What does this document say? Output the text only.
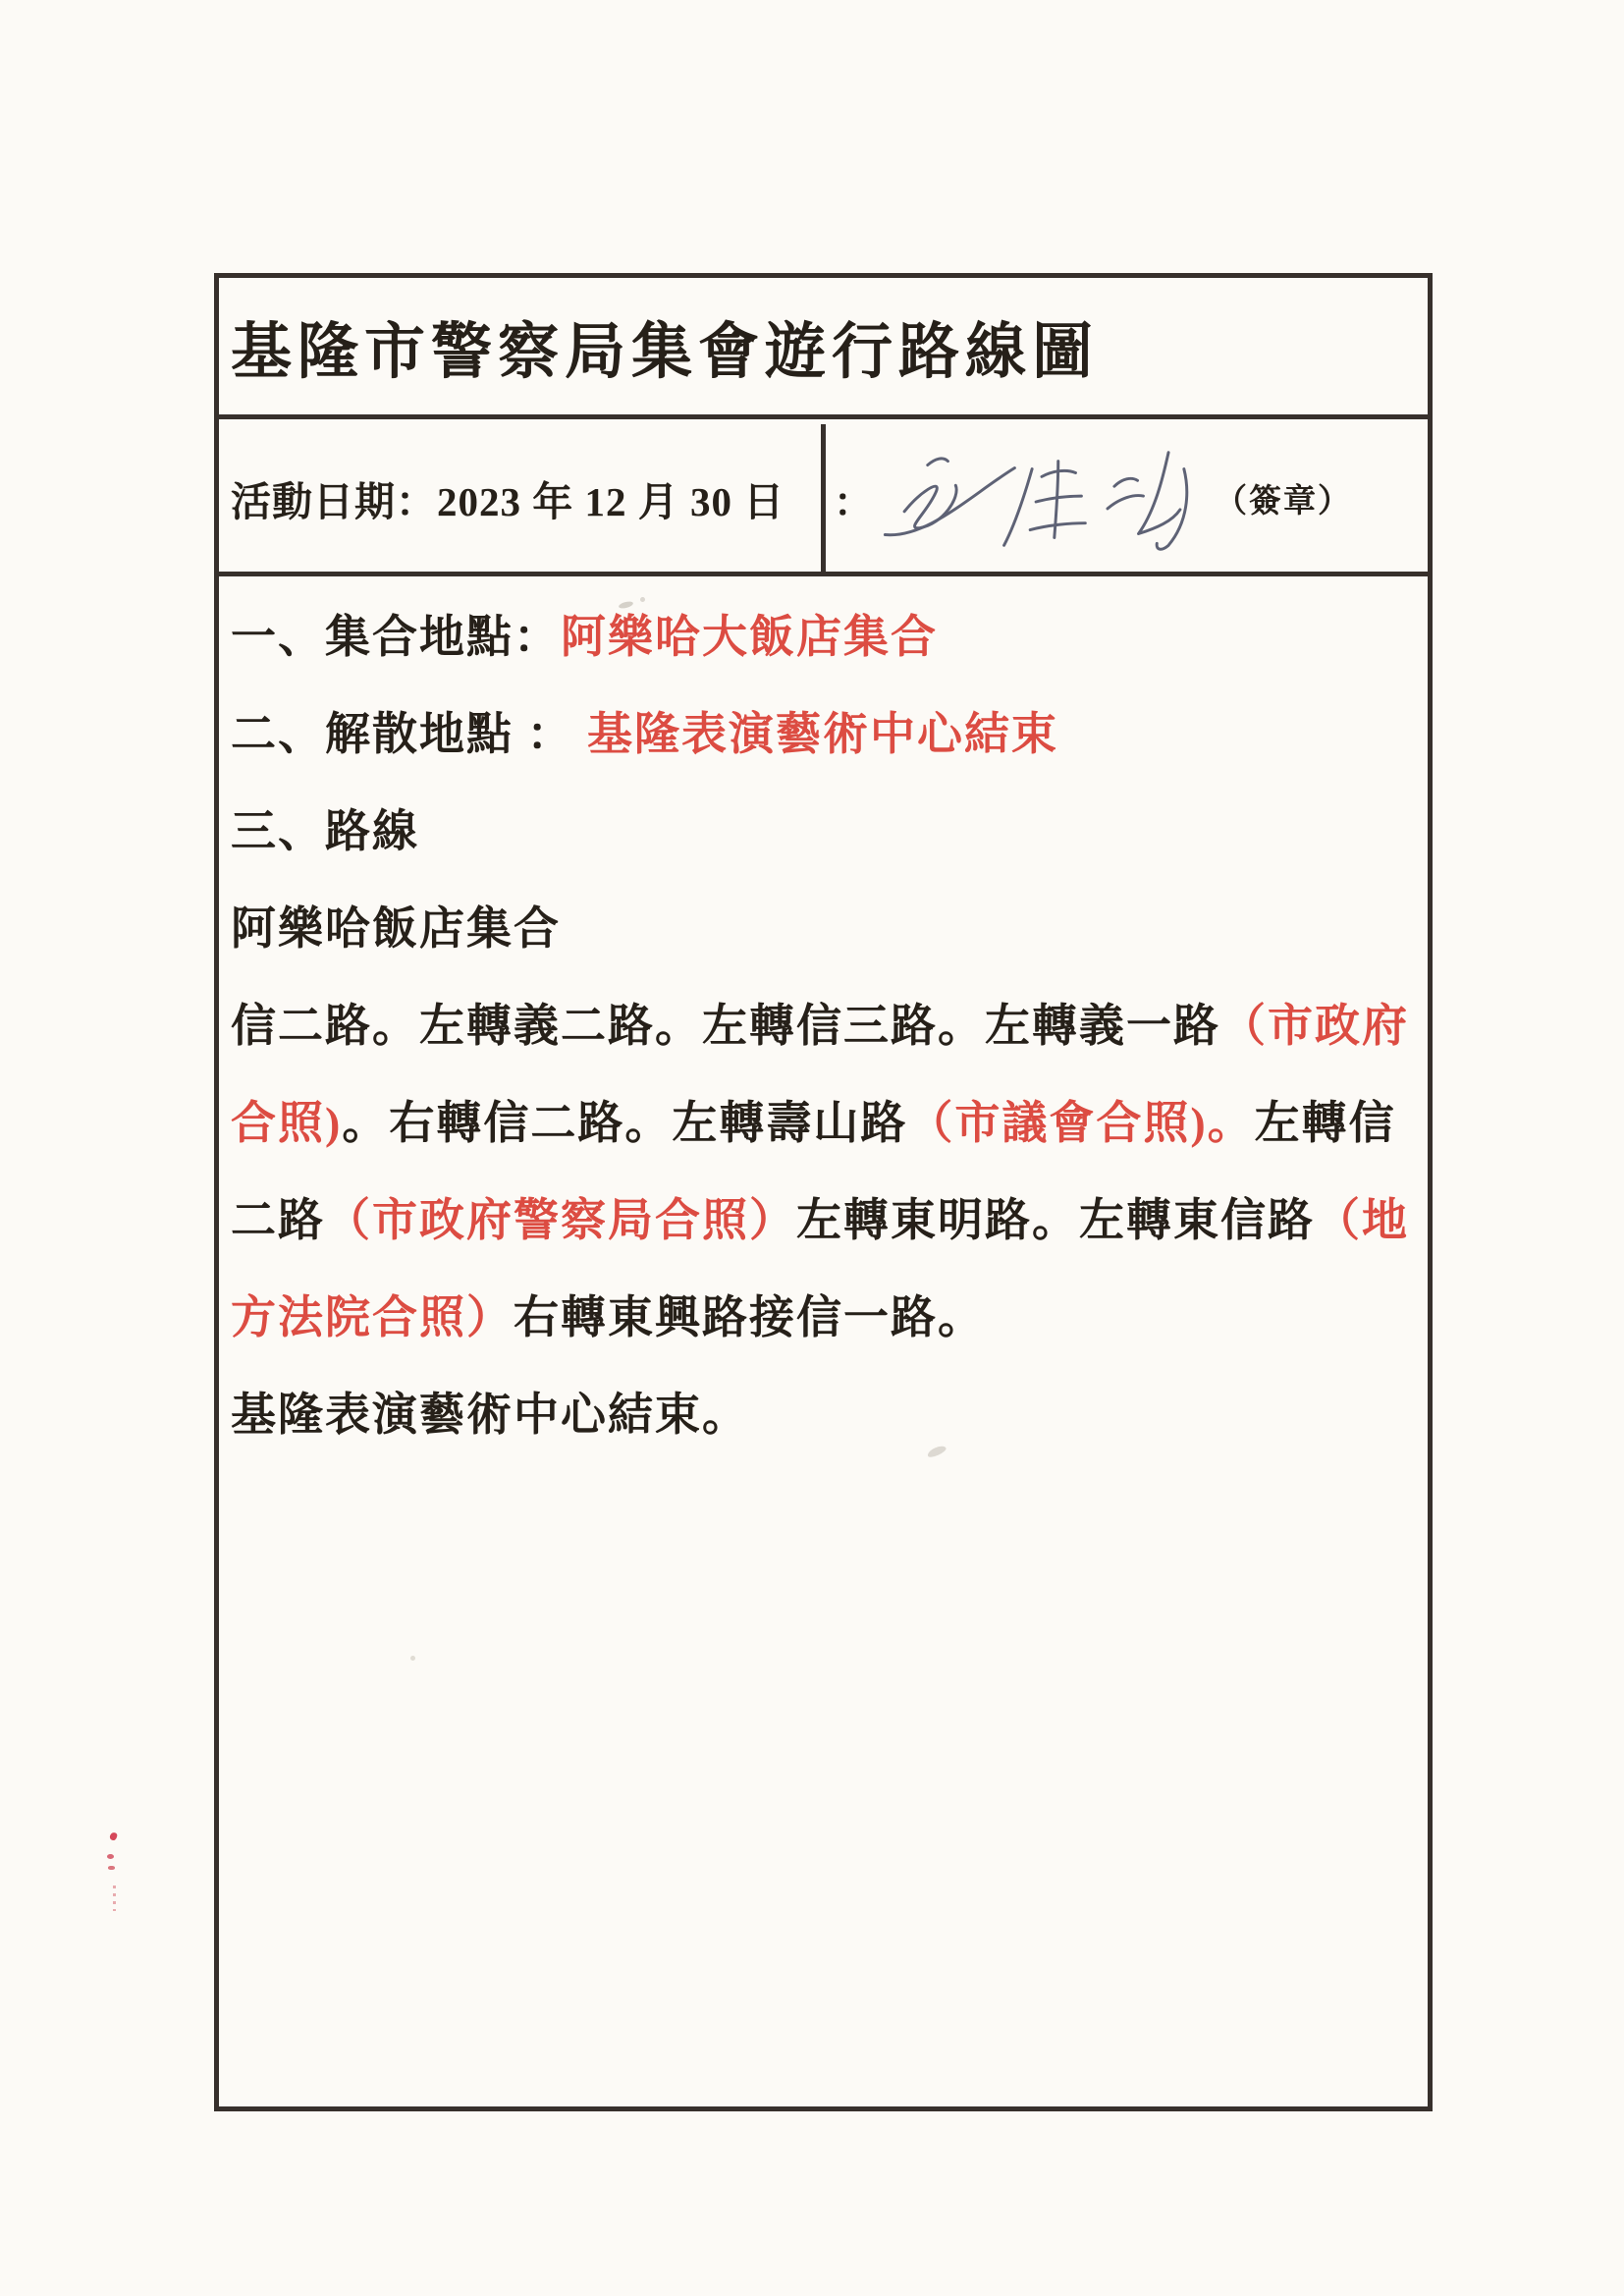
基隆市警察局集會遊行路線圖
活動日期：2023 年 12 月 30 日 ：	（簽章）
一、集合地點： 阿樂哈大飯店集合
二、解散地點 ： 基隆表演藝術中心結束
三、路線
阿樂哈飯店集合
信二路。左轉義二路。左轉信三路。左轉義一路 （市政府
合照) 。右轉信二路。左轉壽山路 （市議會合照)。 左轉信
二路 （市政府警察局合照） 左轉東明路。左轉東信路 （地
方法院合照） 右轉東興路接信一路。
基隆表演藝術中心結束。
